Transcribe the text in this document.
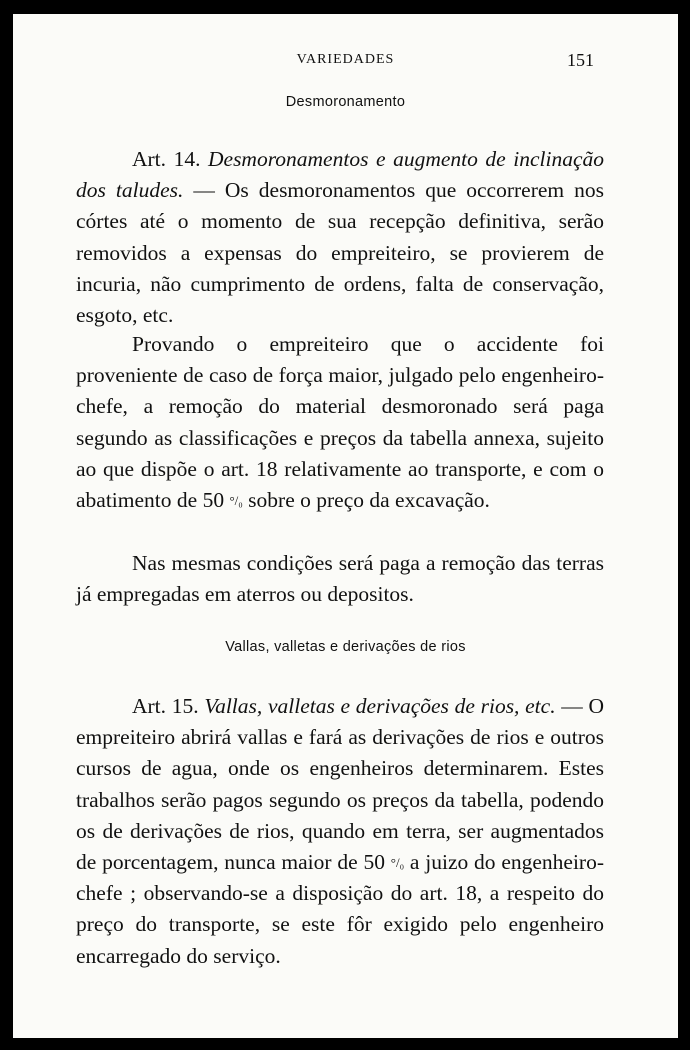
VARIEDADES	151
Desmoronamento

Art. 14. Desmoronamentos e augmento de inclinação dos taludes. — Os desmoronamentos que occorrerem nos córtes até o momento de sua recepção definitiva, serão removidos a expensas do empreiteiro, se provierem de incuria, não cumprimento de ordens, falta de conservação, esgoto, etc.

Provando o empreiteiro que o accidente foi proveniente de caso de força maior, julgado pelo engenheiro-chefe, a remoção do material desmoronado será paga segundo as classificações e preços da tabella annexa, sujeito ao que dispõe o art. 18 relativamente ao transporte, e com o abatimento de 50 $^{^\circ/_0}$ sobre o preço da excavação.

Nas mesmas condições será paga a remoção das terras já empregadas em aterros ou depositos.

Vallas, valletas e derivações de rios

Art. 15. Vallas, valletas e derivações de rios, etc. — O empreiteiro abrirá vallas e fará as derivações de rios e outros cursos de agua, onde os engenheiros determinarem. Estes trabalhos serão pagos segundo os preços da tabella, podendo os de derivações de rios, quando em terra, ser augmentados de porcentagem, nunca maior de 50 $^{^\circ/_0}$ a juizo do engenheiro-chefe ; observando-se a disposição do art. 18, a respeito do preço do transporte, se este fôr exigido pelo engenheiro encarregado do serviço.
